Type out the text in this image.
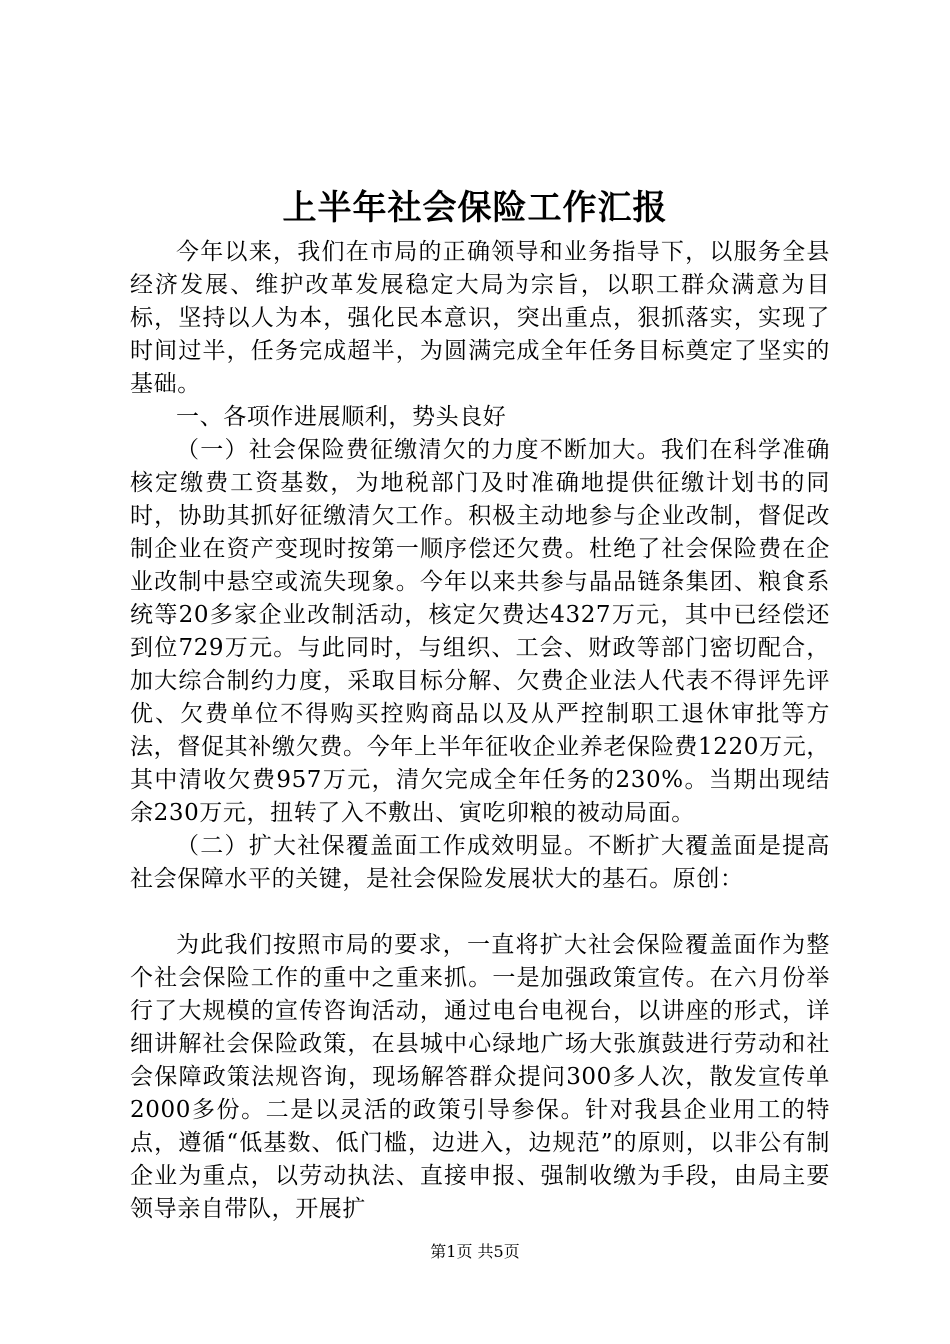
上半年社会保险工作汇报

今年以来，我们在市局的正确领导和业务指导下，以服务全县经济发展、维护改革发展稳定大局为宗旨，以职工群众满意为目标，坚持以人为本，强化民本意识，突出重点，狠抓落实，实现了时间过半，任务完成超半，为圆满完成全年任务目标奠定了坚实的基础。

一、各项作进展顺利，势头良好

（一）社会保险费征缴清欠的力度不断加大。我们在科学准确核定缴费工资基数，为地税部门及时准确地提供征缴计划书的同时，协助其抓好征缴清欠工作。积极主动地参与企业改制，督促改制企业在资产变现时按第一顺序偿还欠费。杜绝了社会保险费在企业改制中悬空或流失现象。今年以来共参与晶品链条集团、粮食系统等20多家企业改制活动，核定欠费达4327万元，其中已经偿还到位729万元。与此同时，与组织、工会、财政等部门密切配合，加大综合制约力度，采取目标分解、欠费企业法人代表不得评先评优、欠费单位不得购买控购商品以及从严控制职工退休审批等方法，督促其补缴欠费。今年上半年征收企业养老保险费1220万元，其中清收欠费957万元，清欠完成全年任务的230%。当期出现结余230万元，扭转了入不敷出、寅吃卯粮的被动局面。

（二）扩大社保覆盖面工作成效明显。不断扩大覆盖面是提高社会保障水平的关键，是社会保险发展状大的基石。原创：

为此我们按照市局的要求，一直将扩大社会保险覆盖面作为整个社会保险工作的重中之重来抓。一是加强政策宣传。在六月份举行了大规模的宣传咨询活动，通过电台电视台，以讲座的形式，详细讲解社会保险政策，在县城中心绿地广场大张旗鼓进行劳动和社会保障政策法规咨询，现场解答群众提问300多人次，散发宣传单2000多份。二是以灵活的政策引导参保。针对我县企业用工的特点，遵循“低基数、低门槛，边进入，边规范”的原则，以非公有制企业为重点，以劳动执法、直接申报、强制收缴为手段，由局主要领导亲自带队，开展扩

第1页 共5页
